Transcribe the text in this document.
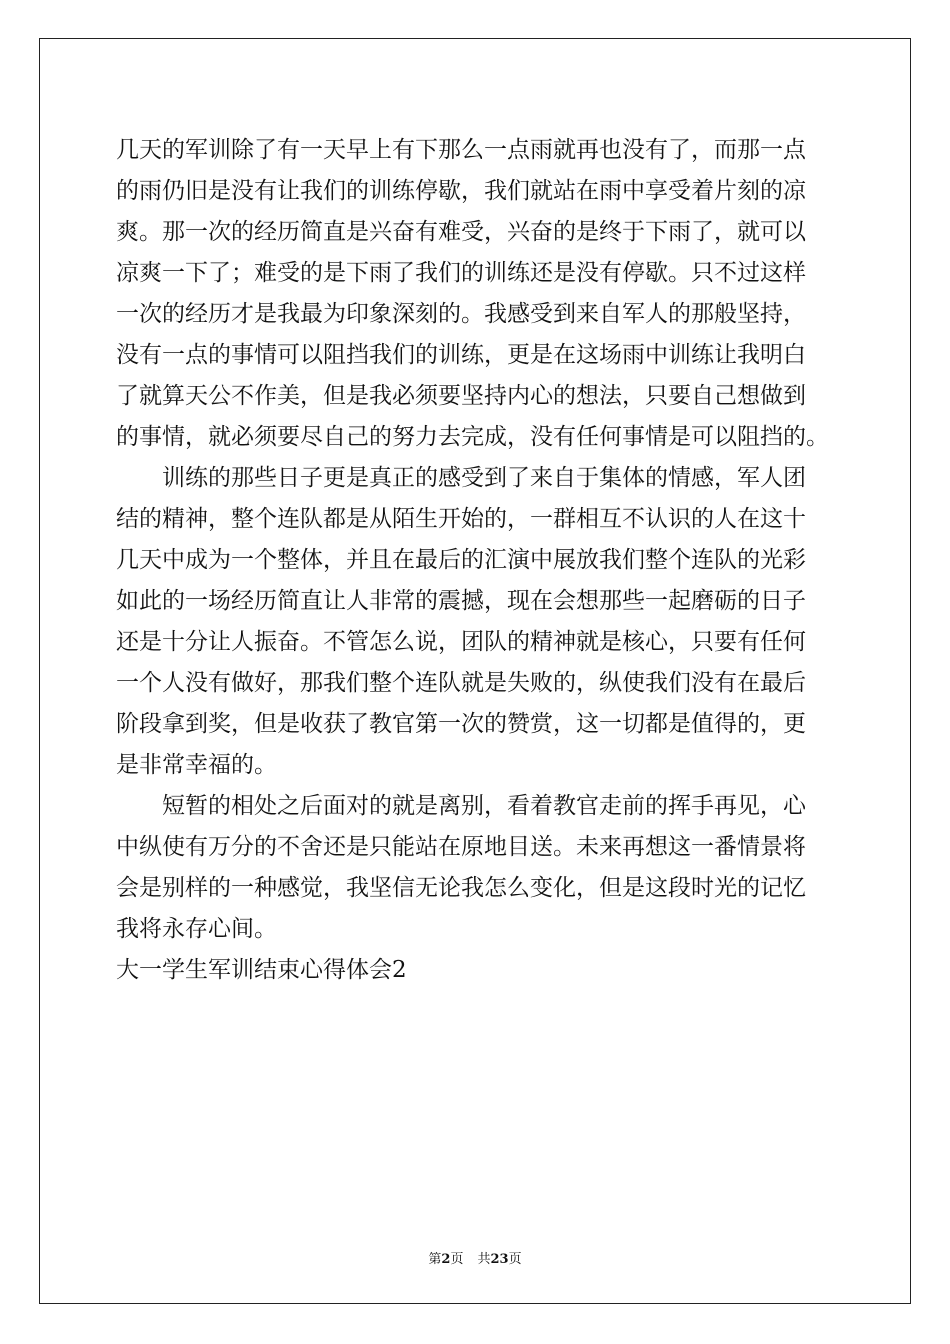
几天的军训除了有一天早上有下那么一点雨就再也没有了，而那一点
的雨仍旧是没有让我们的训练停歇，我们就站在雨中享受着片刻的凉
爽。那一次的经历简直是兴奋有难受，兴奋的是终于下雨了，就可以
凉爽一下了；难受的是下雨了我们的训练还是没有停歇。只不过这样
一次的经历才是我最为印象深刻的。我感受到来自军人的那般坚持，
没有一点的事情可以阻挡我们的训练，更是在这场雨中训练让我明白
了就算天公不作美，但是我必须要坚持内心的想法，只要自己想做到
的事情，就必须要尽自己的努力去完成，没有任何事情是可以阻挡的。
训练的那些日子更是真正的感受到了来自于集体的情感，军人团
结的精神，整个连队都是从陌生开始的，一群相互不认识的人在这十
几天中成为一个整体，并且在最后的汇演中展放我们整个连队的光彩
如此的一场经历简直让人非常的震撼，现在会想那些一起磨砺的日子
还是十分让人振奋。不管怎么说，团队的精神就是核心，只要有任何
一个人没有做好，那我们整个连队就是失败的，纵使我们没有在最后
阶段拿到奖，但是收获了教官第一次的赞赏，这一切都是值得的，更
是非常幸福的。
短暂的相处之后面对的就是离别，看着教官走前的挥手再见，心
中纵使有万分的不舍还是只能站在原地目送。未来再想这一番情景将
会是别样的一种感觉，我坚信无论我怎么变化，但是这段时光的记忆
我将永存心间。
大一学生军训结束心得体会2
第2页 共23页
